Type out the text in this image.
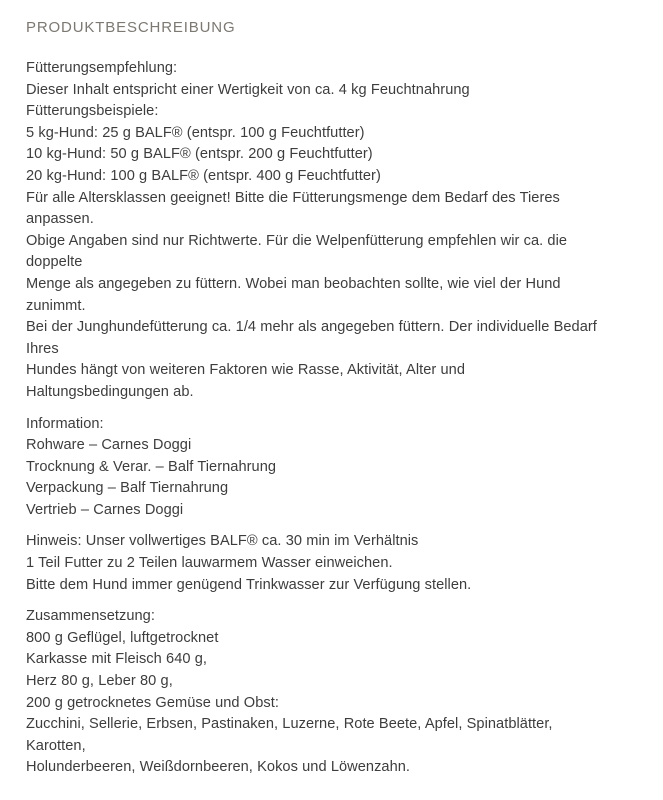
PRODUKTBESCHREIBUNG

Fütterungsempfehlung:

Dieser Inhalt entspricht einer Wertigkeit von ca. 4 kg Feuchtnahrung

Fütterungsbeispiele:

5 kg-Hund: 25 g BALF® (entspr. 100 g Feuchtfutter)

10 kg-Hund: 50 g BALF® (entspr. 200 g Feuchtfutter)

20 kg-Hund: 100 g BALF® (entspr. 400 g Feuchtfutter)

Für alle Altersklassen geeignet! Bitte die Fütterungsmenge dem Bedarf des Tieres anpassen.

Obige Angaben sind nur Richtwerte. Für die Welpenfütterung empfehlen wir ca. die doppelte

Menge als angegeben zu füttern. Wobei man beobachten sollte, wie viel der Hund zunimmt.

Bei der Junghundefütterung ca. 1/4 mehr als angegeben füttern. Der individuelle Bedarf Ihres

Hundes hängt von weiteren Faktoren wie Rasse, Aktivität, Alter und Haltungsbedingungen ab.

Information:

Rohware – Carnes Doggi

Trocknung & Verar. – Balf Tiernahrung

Verpackung – Balf Tiernahrung

Vertrieb – Carnes Doggi

Hinweis: Unser vollwertiges BALF® ca. 30 min im Verhältnis

1 Teil Futter zu 2 Teilen lauwarmem Wasser einweichen.

Bitte dem Hund immer genügend Trinkwasser zur Verfügung stellen.

Zusammensetzung:

800 g Geflügel, luftgetrocknet

Karkasse mit Fleisch 640 g,

Herz 80 g, Leber 80 g,

200 g getrocknetes Gemüse und Obst:

Zucchini, Sellerie, Erbsen, Pastinaken, Luzerne, Rote Beete, Apfel, Spinatblätter, Karotten,

Holunderbeeren, Weißdornbeeren, Kokos und Löwenzahn.
